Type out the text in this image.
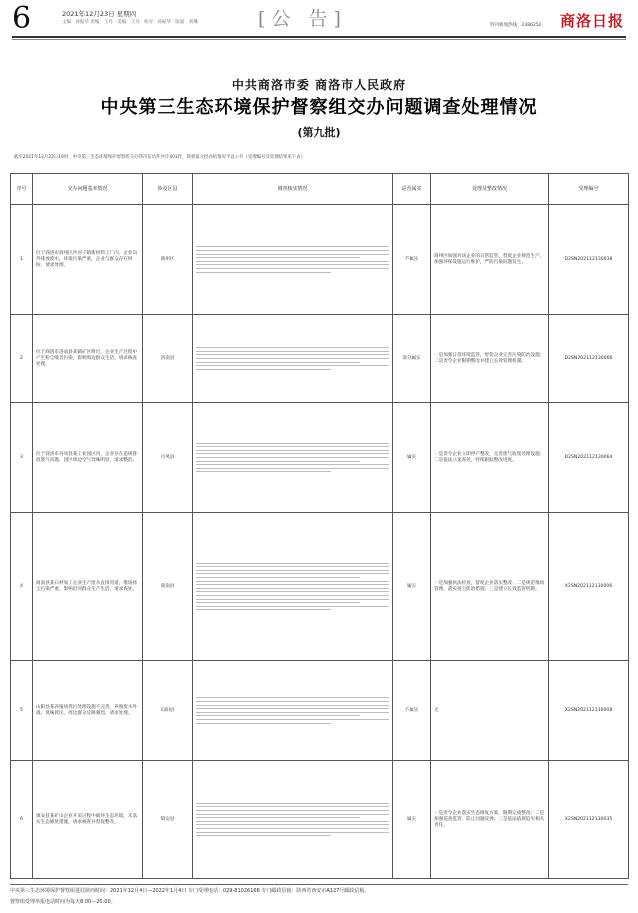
6	2021年12月23日 星期四
主编：孙振华 责编：王丹 · 美编：王丹 · 校对：孙振华 · 版面：刘琳	[公 告]	特刊新闻热线：2386252 商洛日报
中共商洛市委 商洛市人民政府
中央第三生态环境保护督察组交办问题调查处理情况
(第九批)
截至2021年12月22日16时，中央第三生态环境保护督察组交办我市信访件共计403件，现将第九批办结情况予以公开（受理编号及处理结果见下表）：
序号	交办问题基本情况	涉及区县	调查核实情况	是否属实	处理及整改情况	受理编号
1	位于商洛市商州区沙河子镇新材料工厂内，企业向外排放废水，环境污染严重，企业与群众存在纠纷，请求处理。	商州区		不属实	商州区加强对该企业的日常监管，督促企业规范生产，加强环保设施运行维护，严防污染问题发生。	D2SN202112130038
2	位于商洛市洛南县某镇矿区附近，企业生产过程中产生粉尘噪音污染，影响周边群众生活，请求核查处理。	洛南县		部分属实	一是加强日常环境监管，督促企业完善污染防治设施；二是责令企业限期整改并建立长效管理机制。	D2SN202112130066
3	位于商洛市丹凤县某工业园区内，企业存在违规排放废气问题，园区周边空气异味明显，请求整治。	丹凤县		属实	一是责令企业立即停产整改，完善废气收集处理设施；二是依法立案查处，持续跟踪整改进度。	D2SN202112130064
4	商南县某石材加工企业生产废水直排河道，堆场扬尘污染严重，影响沿河群众生产生活，请求查处。	商南县		属实	一是加强执法检查，督促企业落实整改；二是规范堆场管理，落实扬尘防治措施；三是建立长效监管机制。	X2SN202112130006
5	山阳县某养殖场粪污处理设施不完善，养殖废水外溢，臭味扰民，周边群众反映强烈，请求处理。	山阳县		不属实	无	X2SN202112130008
6	镇安县某矿山企业开采过程中破坏生态环境，未落实生态修复措施，请求核查并督促整改。	镇安县		属实	一是责令企业落实生态修复方案，限期完成整改；二是加强巡查监管，防止问题反弹；三是依法依规追究相关责任。	X2SN202112130035
中央第三生态环境保护督察组进驻陕西时间：2021年12月4日—2022年1月4日 专门受理电话：029-81026166 专门邮政信箱：陕西省西安市A127号邮政信箱。
督察组受理举报电话时间为每天8:00—20:00。
